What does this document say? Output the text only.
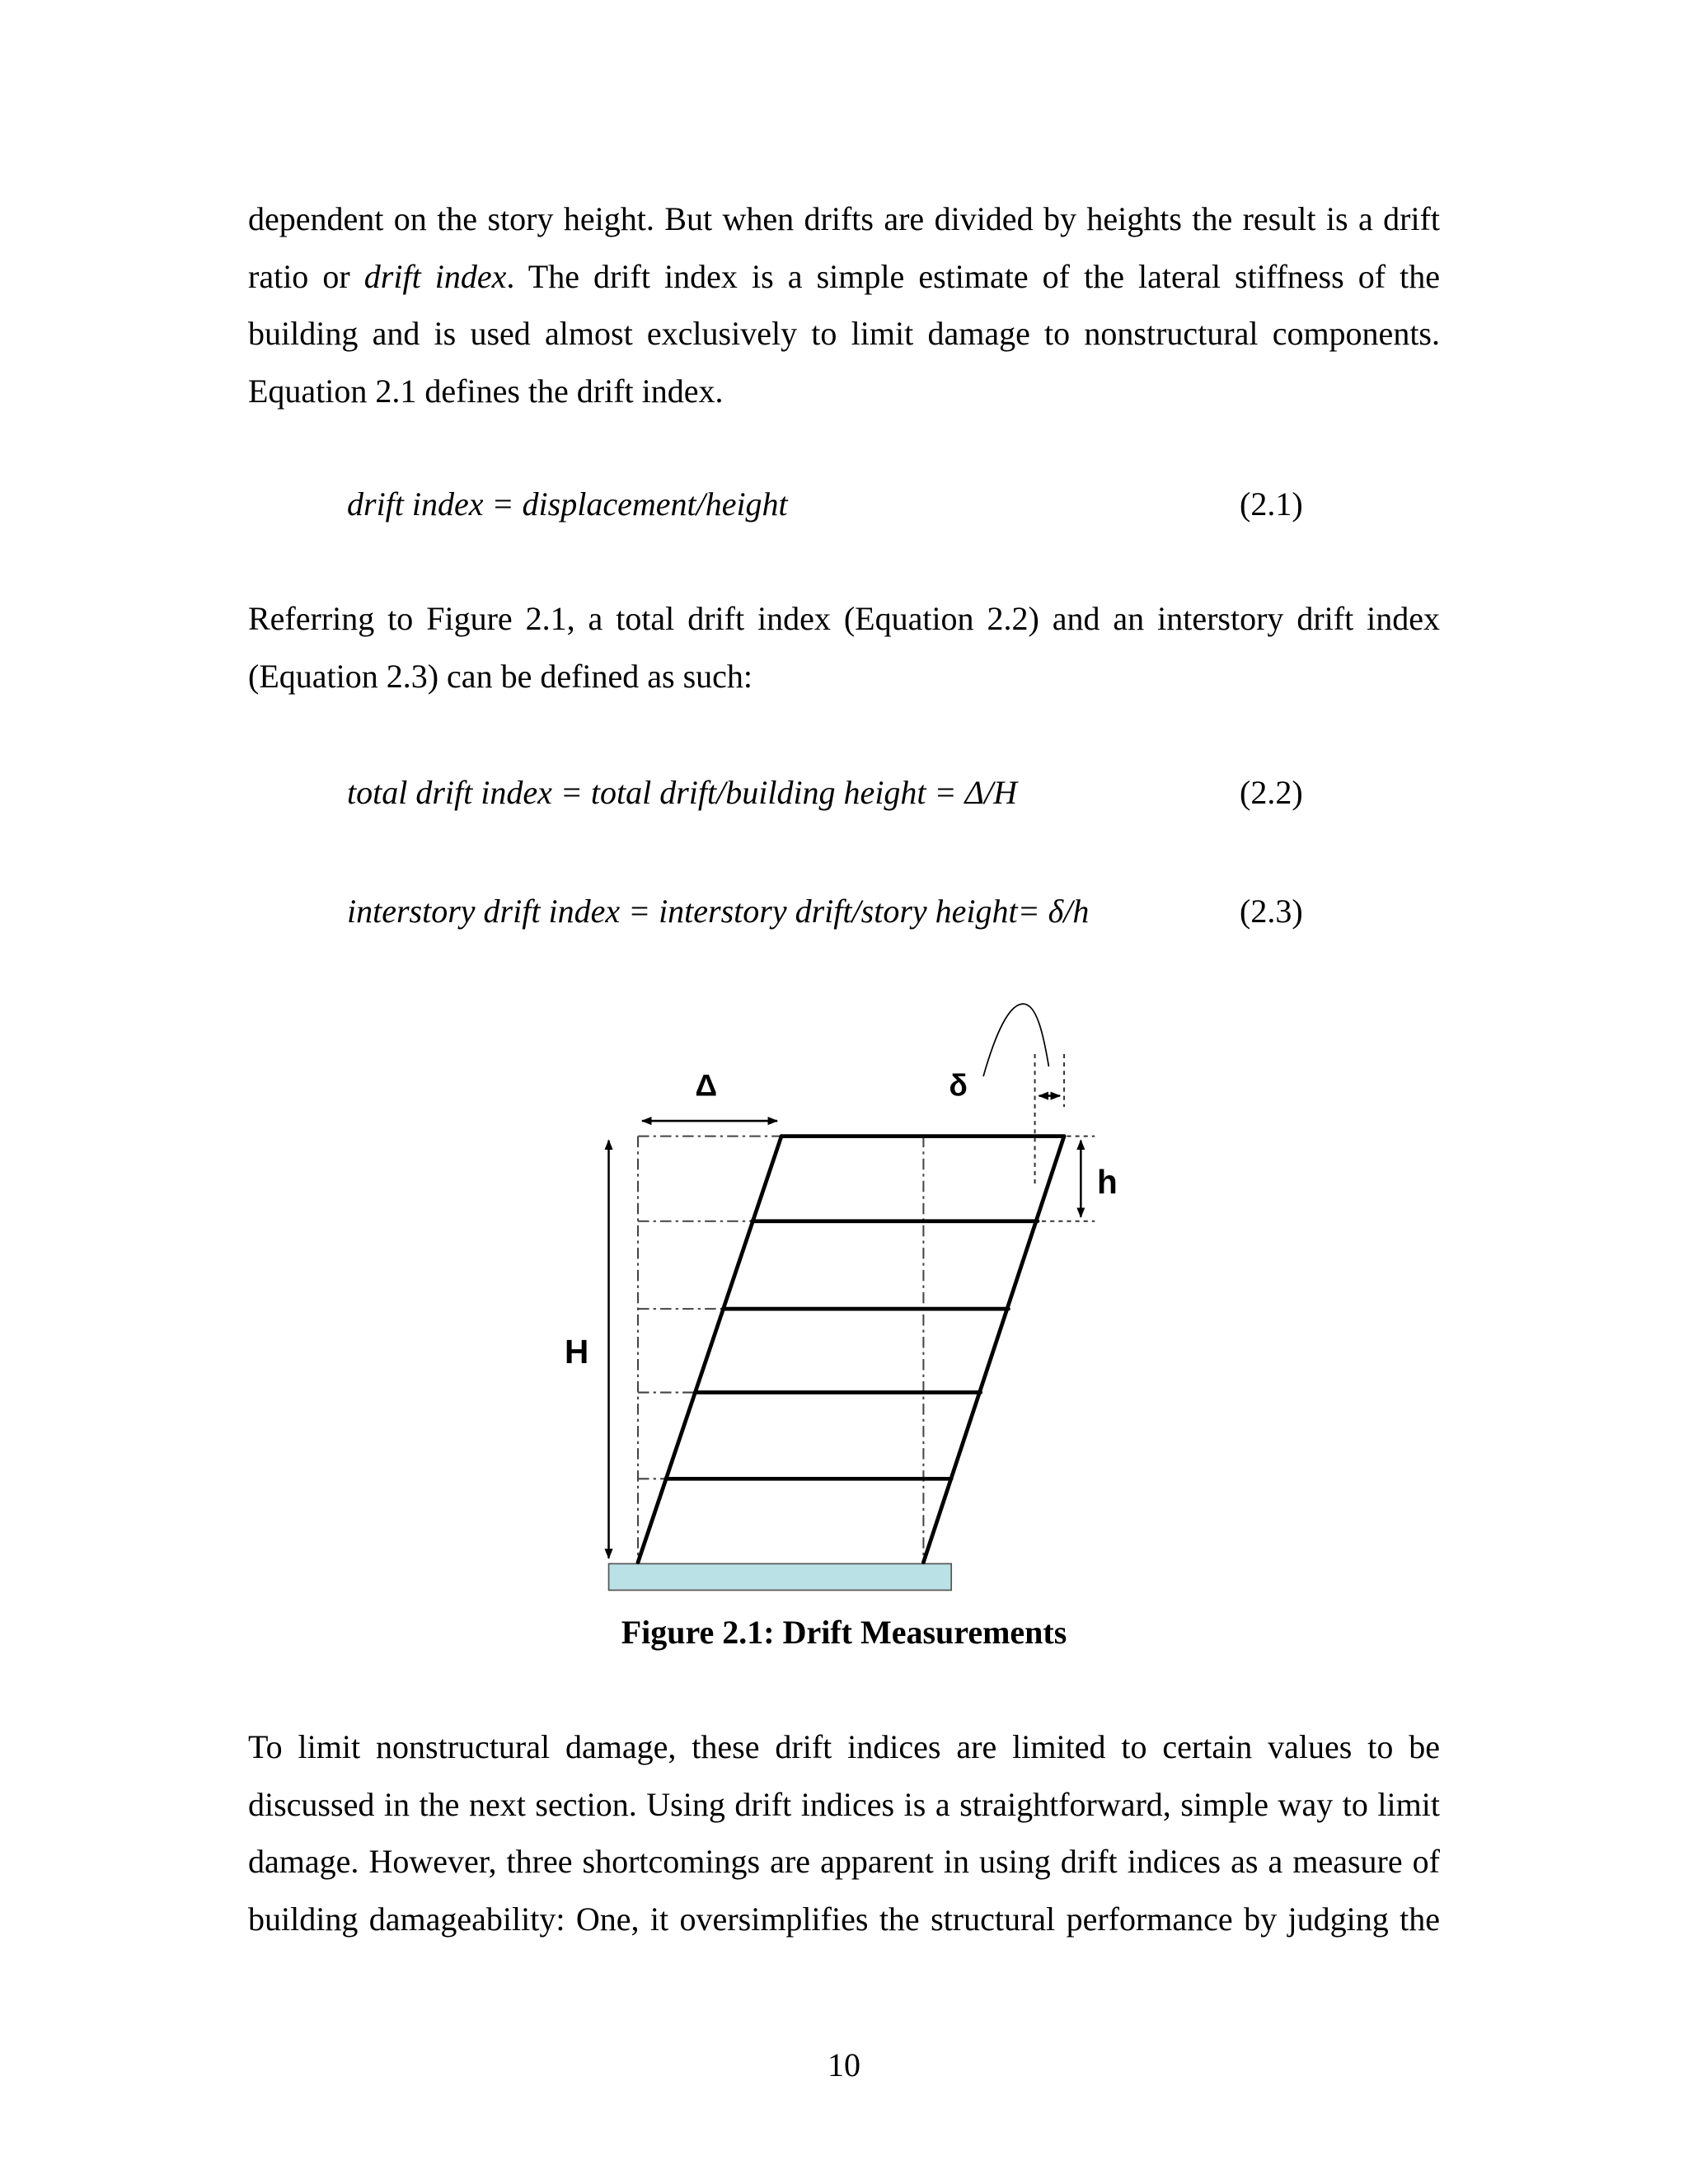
dependent on the story height. But when drifts are divided by heights the result is a drift
ratio or drift index. The drift index is a simple estimate of the lateral stiffness of the
building and is used almost exclusively to limit damage to nonstructural components.
Equation 2.1 defines the drift index.
drift index = displacement/height	(2.1)
Referring to Figure 2.1, a total drift index (Equation 2.2) and an interstory drift index
(Equation 2.3) can be defined as such:
total drift index = total drift/building height = Δ/H	(2.2)
interstory drift index = interstory drift/story height= δ/h	(2.3)
Δ	δ
H
h
Figure 2.1: Drift Measurements
To limit nonstructural damage, these drift indices are limited to certain values to be
discussed in the next section. Using drift indices is a straightforward, simple way to limit
damage. However, three shortcomings are apparent in using drift indices as a measure of
building damageability: One, it oversimplifies the structural performance by judging the
10
